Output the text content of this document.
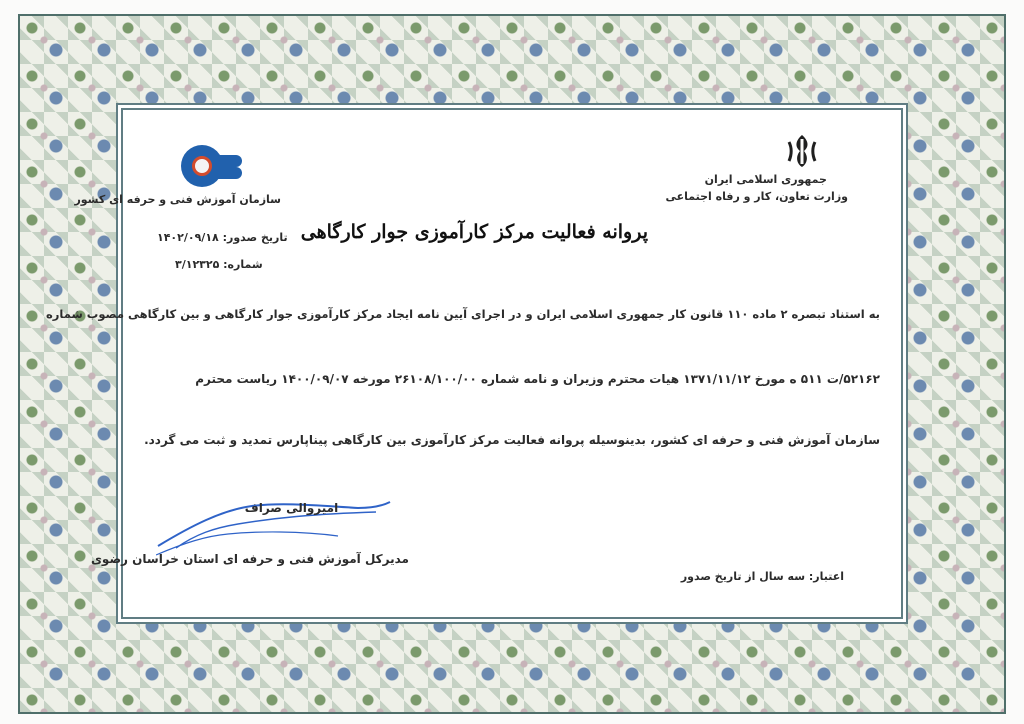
جمهوری اسلامی ایران
وزارت تعاون، کار و رفاه اجتماعی
سازمان آموزش فنی و حرفه ای کشور
پروانه فعالیت مرکز کارآموزی جوار کارگاهی
تاریخ صدور: ۱۴۰۲/۰۹/۱۸
شماره: ۳/۱۲۳۲۵
به استناد تبصره ۲ ماده ۱۱۰ قانون کار جمهوری اسلامی ایران و در اجرای آیین نامه ایجاد مرکز کارآموزی جوار کارگاهی و بین کارگاهی مصوب شماره
۵۲۱۶۲/ت ۵۱۱ ه مورخ ۱۳۷۱/۱۱/۱۲ هیات محترم وزیران و نامه شماره ۲۶۱۰۸/۱۰۰/۰۰ مورخه ۱۴۰۰/۰۹/۰۷ ریاست محترم
سازمان آموزش فنی و حرفه ای کشور، بدینوسیله پروانه فعالیت مرکز کارآموزی بین کارگاهی پیناپارس تمدید و ثبت می گردد.
امیروالی صراف
مدیرکل آموزش فنی و حرفه ای استان خراسان رضوی
اعتبار: سه سال از تاریخ صدور
